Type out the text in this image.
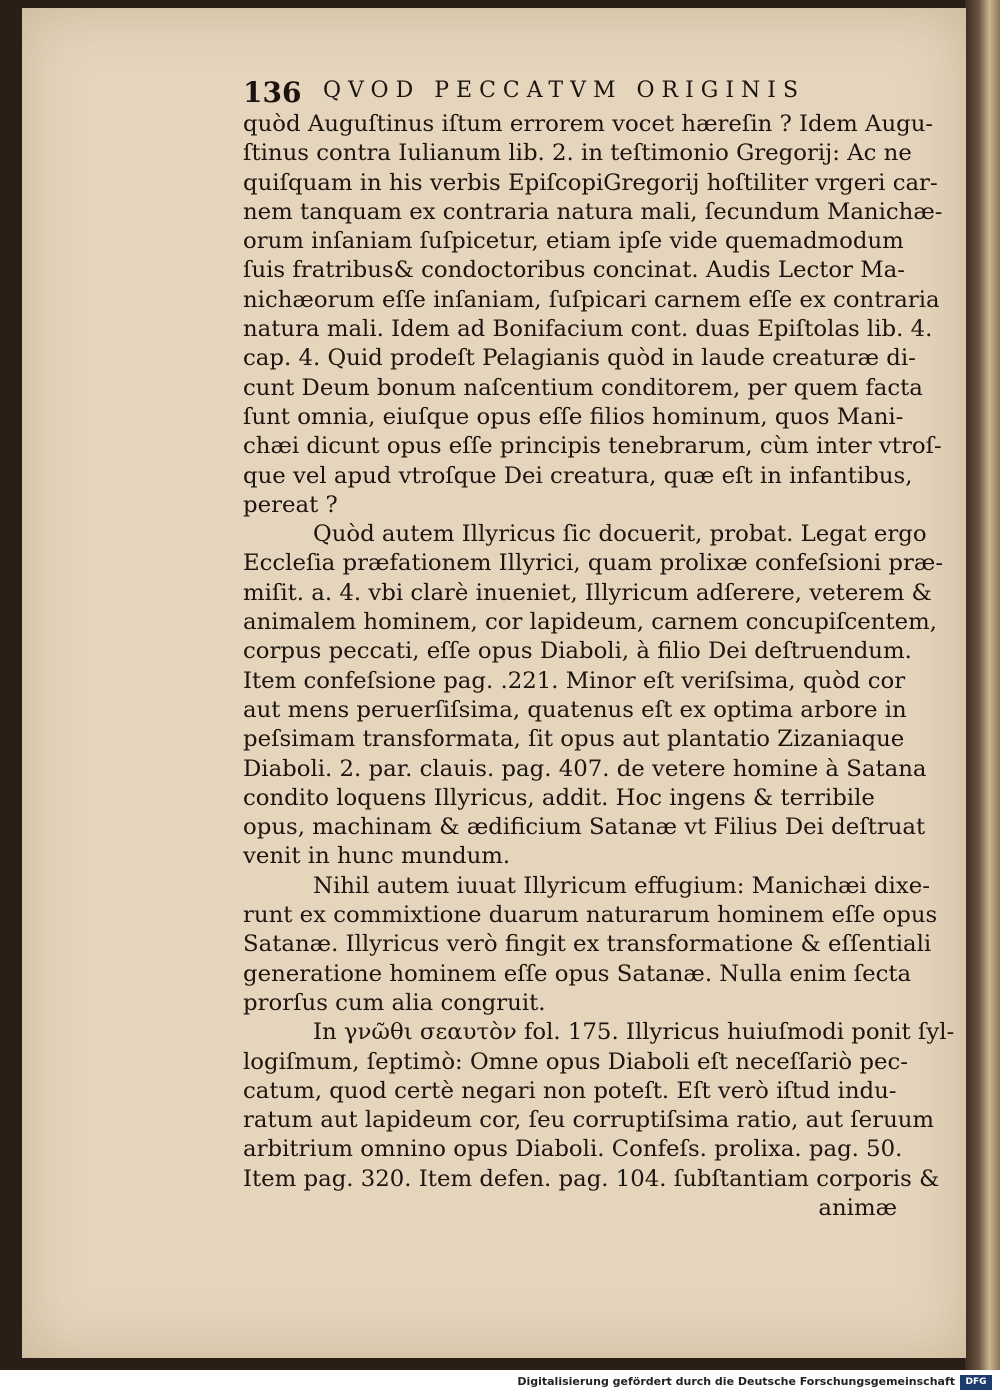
136 QVOD PECCATVM ORIGINIS
quòd Auguſtinus iſtum errorem vocet hæreſin ? Idem Augu-
ſtinus contra Iulianum lib. 2. in teſtimonio Gregorij: Ac ne
quiſquam in his verbis EpiſcopiGregorij hoſtiliter vrgeri car-
nem tanquam ex contraria natura mali, ſecundum Manichæ-
orum inſaniam ſuſpicetur, etiam ipſe vide quemadmodum
ſuis fratribus& condoctoribus concinat. Audis Lector Ma-
nichæorum eſſe inſaniam, ſuſpicari carnem eſſe ex contraria
natura mali. Idem ad Bonifacium cont. duas Epiſtolas lib. 4.
cap. 4. Quid prodeſt Pelagianis quòd in laude creaturæ di-
cunt Deum bonum naſcentium conditorem, per quem facta
ſunt omnia, eiuſque opus eſſe filios hominum, quos Mani-
chæi dicunt opus eſſe principis tenebrarum, cùm inter vtroſ-
que vel apud vtroſque Dei creatura, quæ eſt in infantibus,
pereat ?
Quòd autem Illyricus ſic docuerit, probat. Legat ergo
Eccleſia præfationem Illyrici, quam prolixæ confeſsioni præ-
miſit. a. 4. vbi clarè inueniet, Illyricum adſerere, veterem &
animalem hominem, cor lapideum, carnem concupiſcentem,
corpus peccati, eſſe opus Diaboli, à filio Dei deſtruendum.
Item confeſsione pag. .221. Minor eſt veriſsima, quòd cor
aut mens peruerſiſsima, quatenus eſt ex optima arbore in
peſsimam transformata, ſit opus aut plantatio Zizaniaque
Diaboli. 2. par. clauis. pag. 407. de vetere homine à Satana
condito loquens Illyricus, addit. Hoc ingens & terribile
opus, machinam & ædificium Satanæ vt Filius Dei deſtruat
venit in hunc mundum.
Nihil autem iuuat Illyricum effugium: Manichæi dixe-
runt ex commixtione duarum naturarum hominem eſſe opus
Satanæ. Illyricus verò fingit ex transformatione & eſſentiali
generatione hominem eſſe opus Satanæ. Nulla enim ſecta
prorſus cum alia congruit.
In γνῶθι σεαυτὸν fol. 175. Illyricus huiuſmodi ponit ſyl-
logiſmum, ſeptimò: Omne opus Diaboli eſt neceſſariò pec-
catum, quod certè negari non poteſt. Eſt verò iſtud indu-
ratum aut lapideum cor, ſeu corruptiſsima ratio, aut ſeruum
arbitrium omnino opus Diaboli. Confeſs. prolixa. pag. 50.
Item pag. 320. Item defen. pag. 104. ſubſtantiam corporis &
animæ
Digitalisierung gefördert durch die Deutsche Forschungsgemeinschaft	DFG
